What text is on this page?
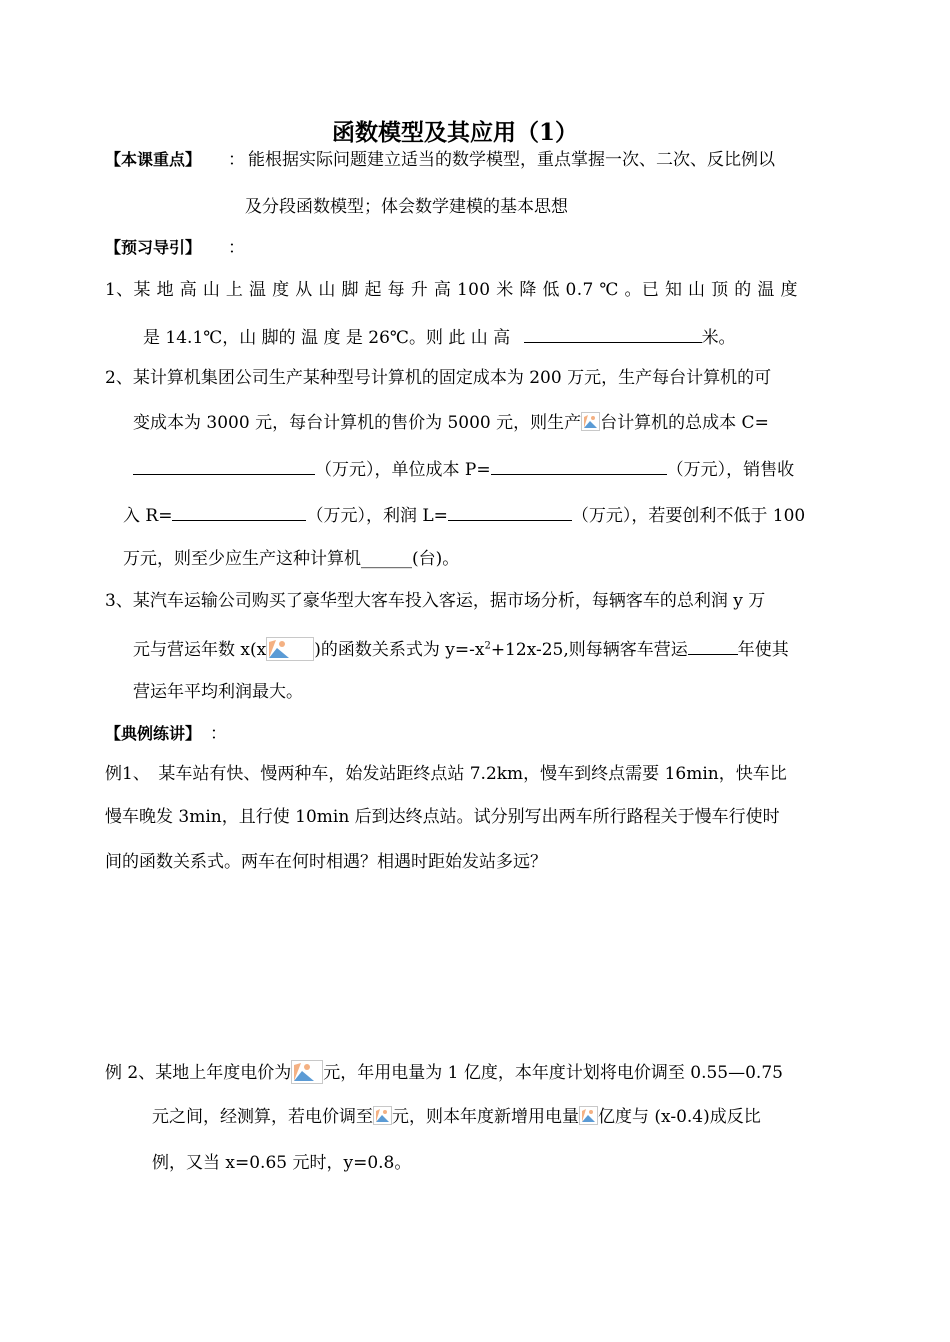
函数模型及其应用（1）
【本课重点】 ： 能根据实际问题建立适当的数学模型，重点掌握一次、二次、反比例以
及分段函数模型；体会数学建模的基本思想
【预习导引】 ：
1、某 地 高 山 上 温 度 从 山 脚 起 每 升 高 100 米 降 低 0.7 ℃ 。已 知 山 顶 的 温 度
是 14.1℃，山 脚的 温 度 是 26℃。则 此 山 高	米。
2、某计算机集团公司生产某种型号计算机的固定成本为 200 万元，生产每台计算机的可
变成本为 3000 元，每台计算机的售价为 5000 元，则生产 台计算机的总成本 C=
（万元），单位成本 P=	（万元），销售收
入 R=	（万元），利润 L=	（万元），若要创利不低于 100
万元，则至少应生产这种计算机______(台)。
3、某汽车运输公司购买了豪华型大客车投入客运，据市场分析，每辆客车的总利润 y 万
元与营运年数 x(x	)的函数关系式为 $y=-x^2+12x-25$,则每辆客车营运	年使其
营运年平均利润最大。
【典例练讲】 ：
例1、　某车站有快、慢两种车，始发站距终点站 7.2km，慢车到终点需要 16min，快车比
慢车晚发 3min，且行使 10min 后到达终点站。试分别写出两车所行路程关于慢车行使时
间的函数关系式。两车在何时相遇？相遇时距始发站多远？
例 2、某地上年度电价为 元，年用电量为 1 亿度，本年度计划将电价调至 0.55—0.75
元之间，经测算，若电价调至 元，则本年度新增用电量 亿度与 (x-0.4)成反比
例，又当 x=0.65 元时，y=0.8。
